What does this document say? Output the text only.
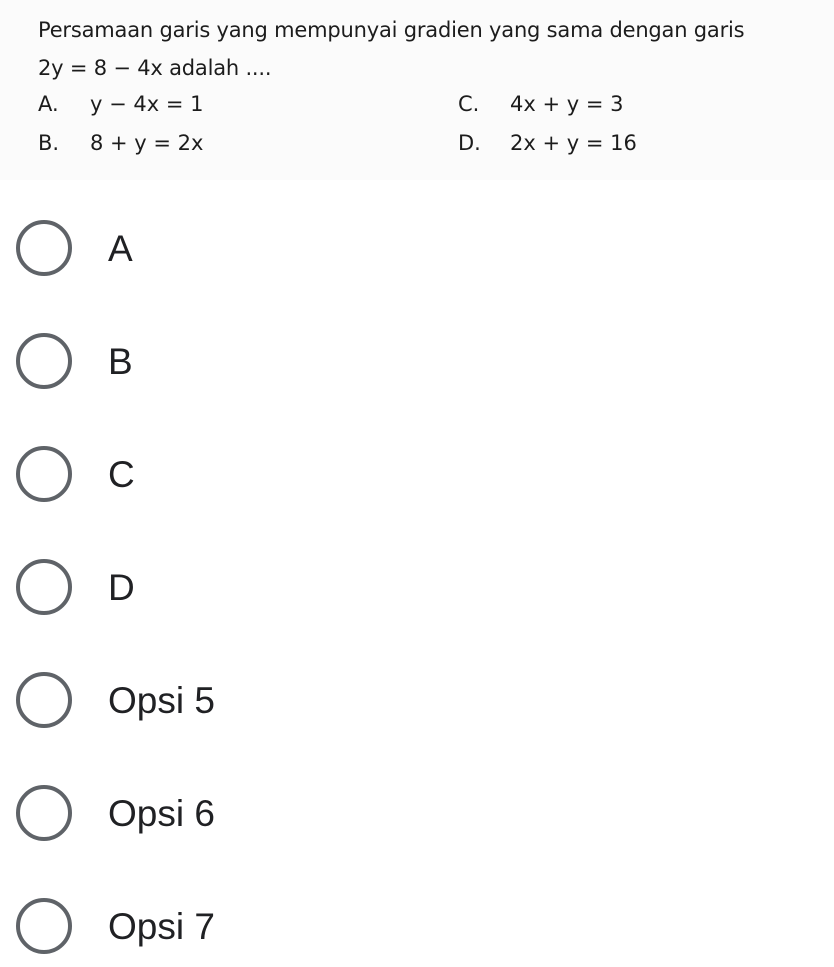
Persamaan garis yang mempunyai gradien yang sama dengan garis
2y = 8 − 4x adalah ....
A. y − 4x = 1
B. 8 + y = 2x
C. 4x + y = 3
D. 2x + y = 16
A
B
C
D
Opsi 5
Opsi 6
Opsi 7
